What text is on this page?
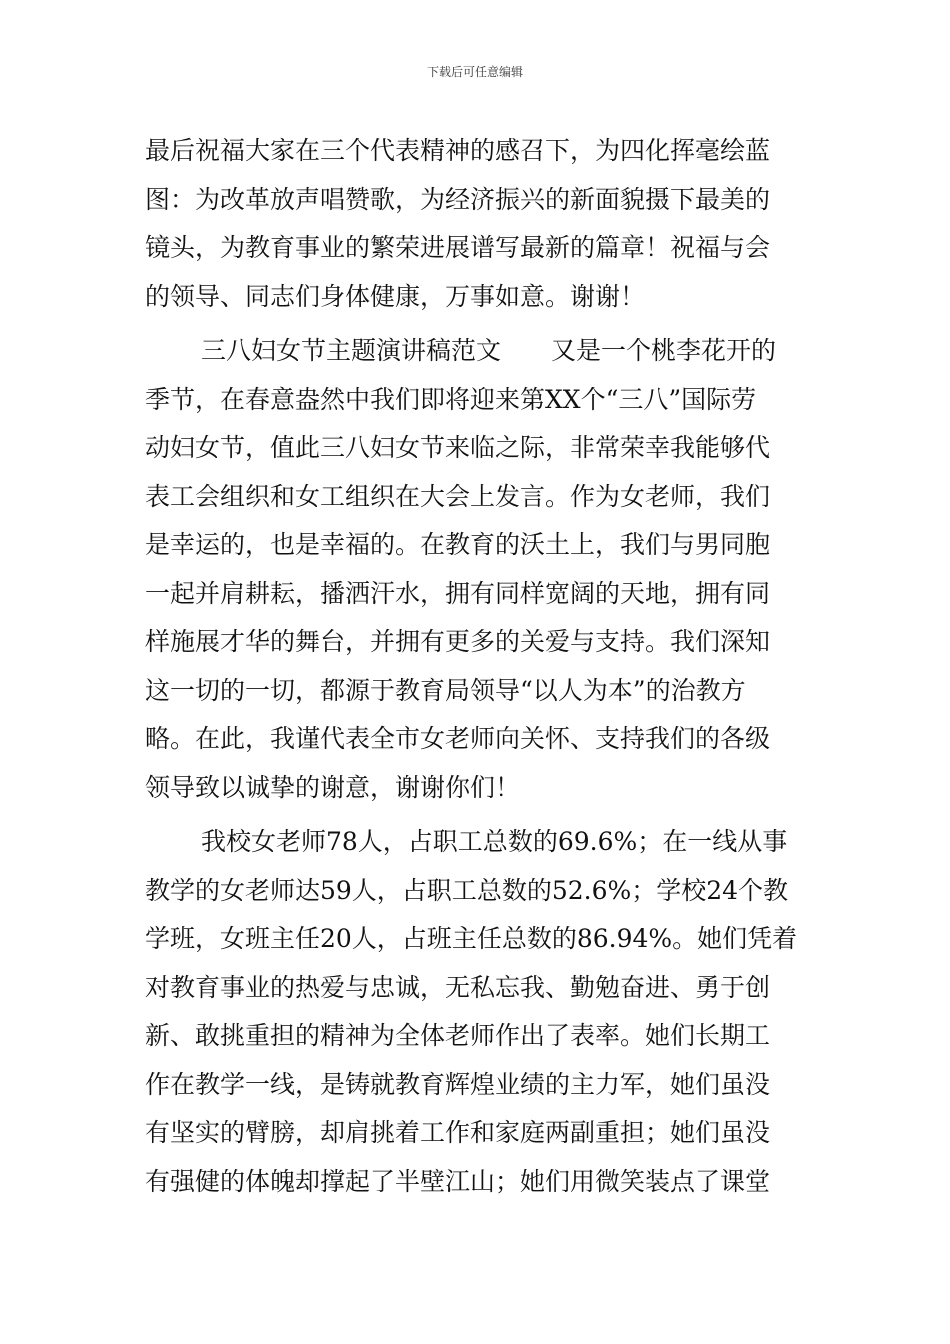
下载后可任意编辑
最后祝福大家在三个代表精神的感召下，为四化挥毫绘蓝
图：为改革放声唱赞歌，为经济振兴的新面貌摄下最美的
镜头，为教育事业的繁荣进展谱写最新的篇章！祝福与会
的领导、同志们身体健康，万事如意。谢谢！
三八妇女节主题演讲稿范文　　又是一个桃李花开的
季节，在春意盎然中我们即将迎来第XX个“三八”国际劳
动妇女节，值此三八妇女节来临之际，非常荣幸我能够代
表工会组织和女工组织在大会上发言。作为女老师，我们
是幸运的，也是幸福的。在教育的沃土上，我们与男同胞
一起并肩耕耘，播洒汗水，拥有同样宽阔的天地，拥有同
样施展才华的舞台，并拥有更多的关爱与支持。我们深知
这一切的一切，都源于教育局领导“以人为本”的治教方
略。在此，我谨代表全市女老师向关怀、支持我们的各级
领导致以诚挚的谢意，谢谢你们！
我校女老师78人，占职工总数的69.6%；在一线从事
教学的女老师达59人，占职工总数的52.6%；学校24个教
学班，女班主任20人，占班主任总数的86.94%。她们凭着
对教育事业的热爱与忠诚，无私忘我、勤勉奋进、勇于创
新、敢挑重担的精神为全体老师作出了表率。她们长期工
作在教学一线，是铸就教育辉煌业绩的主力军，她们虽没
有坚实的臂膀，却肩挑着工作和家庭两副重担；她们虽没
有强健的体魄却撑起了半壁江山；她们用微笑装点了课堂
